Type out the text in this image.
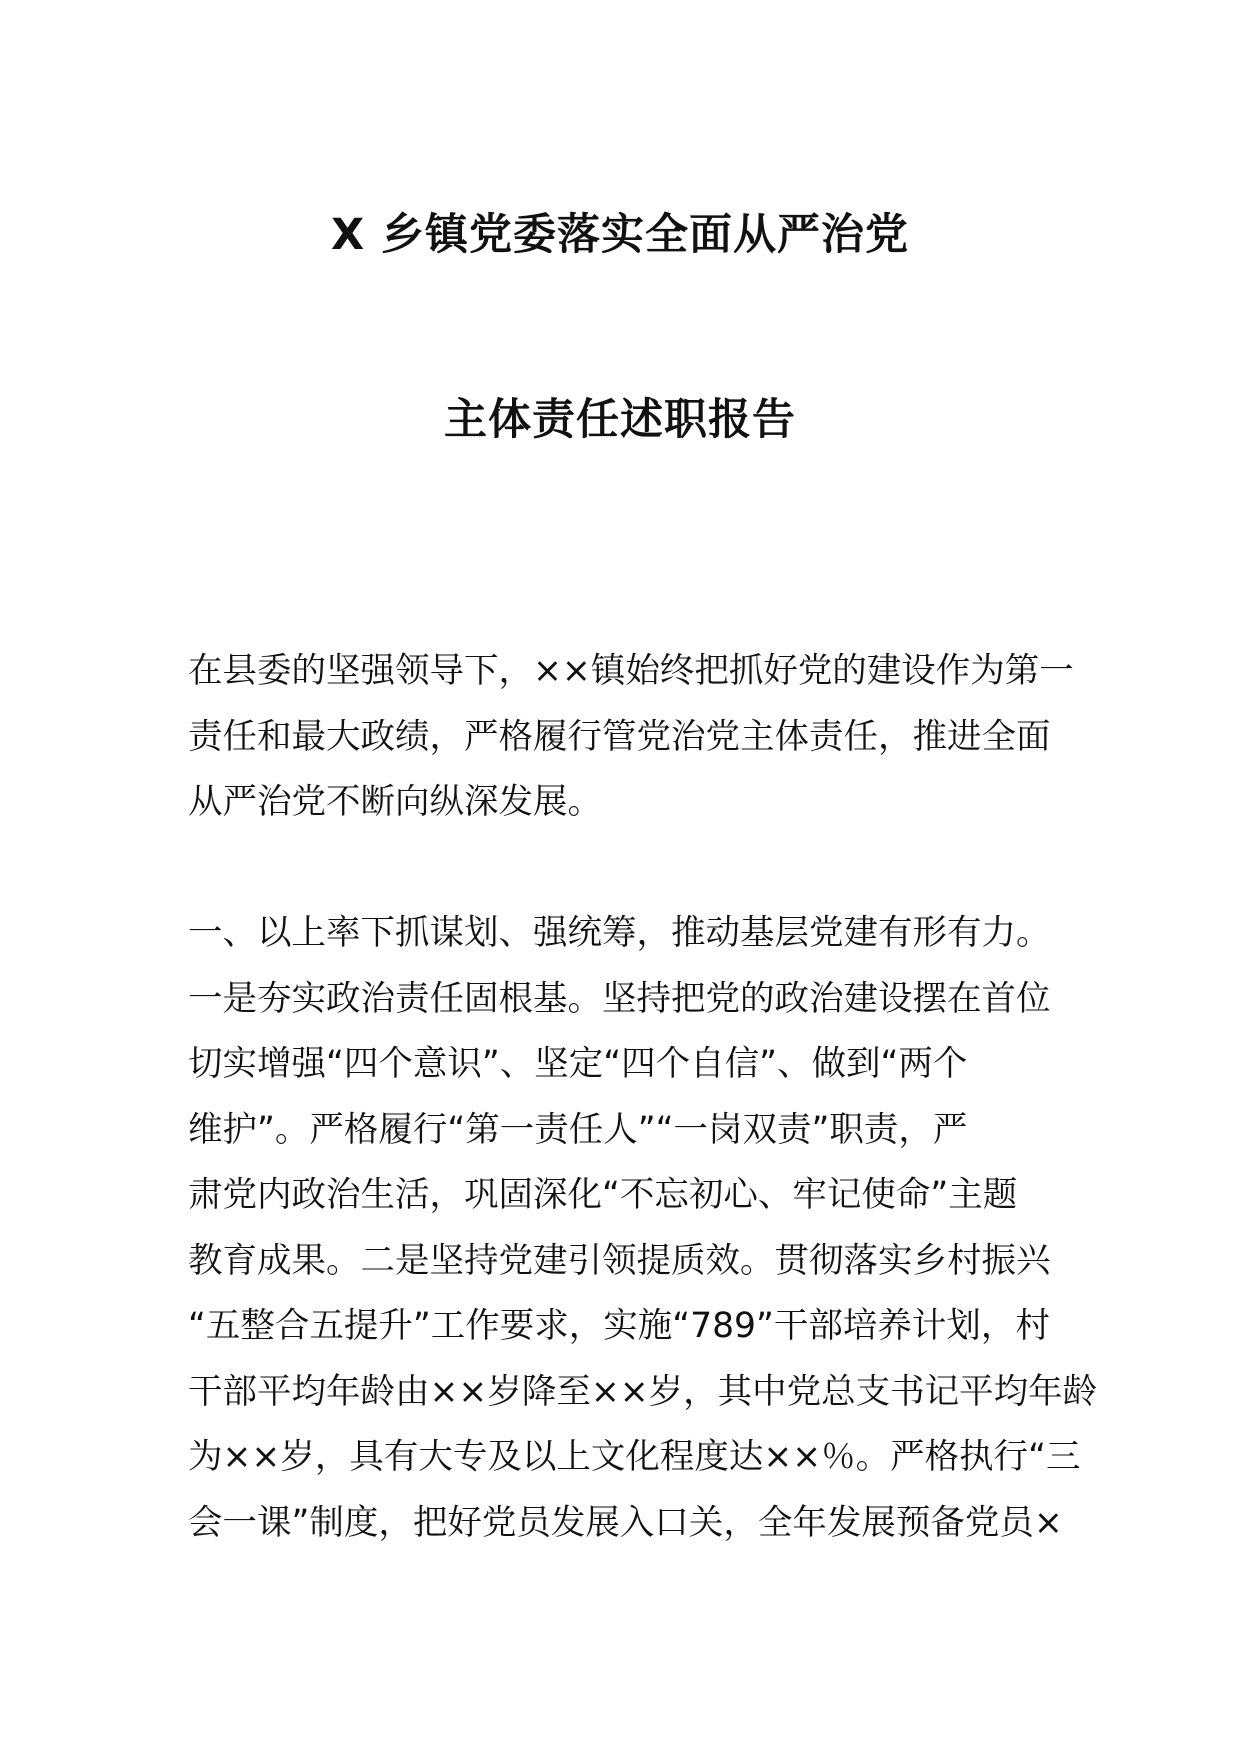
X 乡镇党委落实全面从严治党
主体责任述职报告
在县委的坚强领导下，××镇始终把抓好党的建设作为第一
责任和最大政绩，严格履行管党治党主体责任，推进全面
从严治党不断向纵深发展。
一、以上率下抓谋划、强统筹，推动基层党建有形有力。
一是夯实政治责任固根基。坚持把党的政治建设摆在首位
切实增强“四个意识”、坚定“四个自信”、做到“两个
维护”。严格履行“第一责任人”“一岗双责”职责，严
肃党内政治生活，巩固深化“不忘初心、牢记使命”主题
教育成果。二是坚持党建引领提质效。贯彻落实乡村振兴
“五整合五提升”工作要求，实施“789”干部培养计划，村
干部平均年龄由××岁降至××岁，其中党总支书记平均年龄
为××岁，具有大专及以上文化程度达××％。严格执行“三
会一课”制度，把好党员发展入口关，全年发展预备党员×
